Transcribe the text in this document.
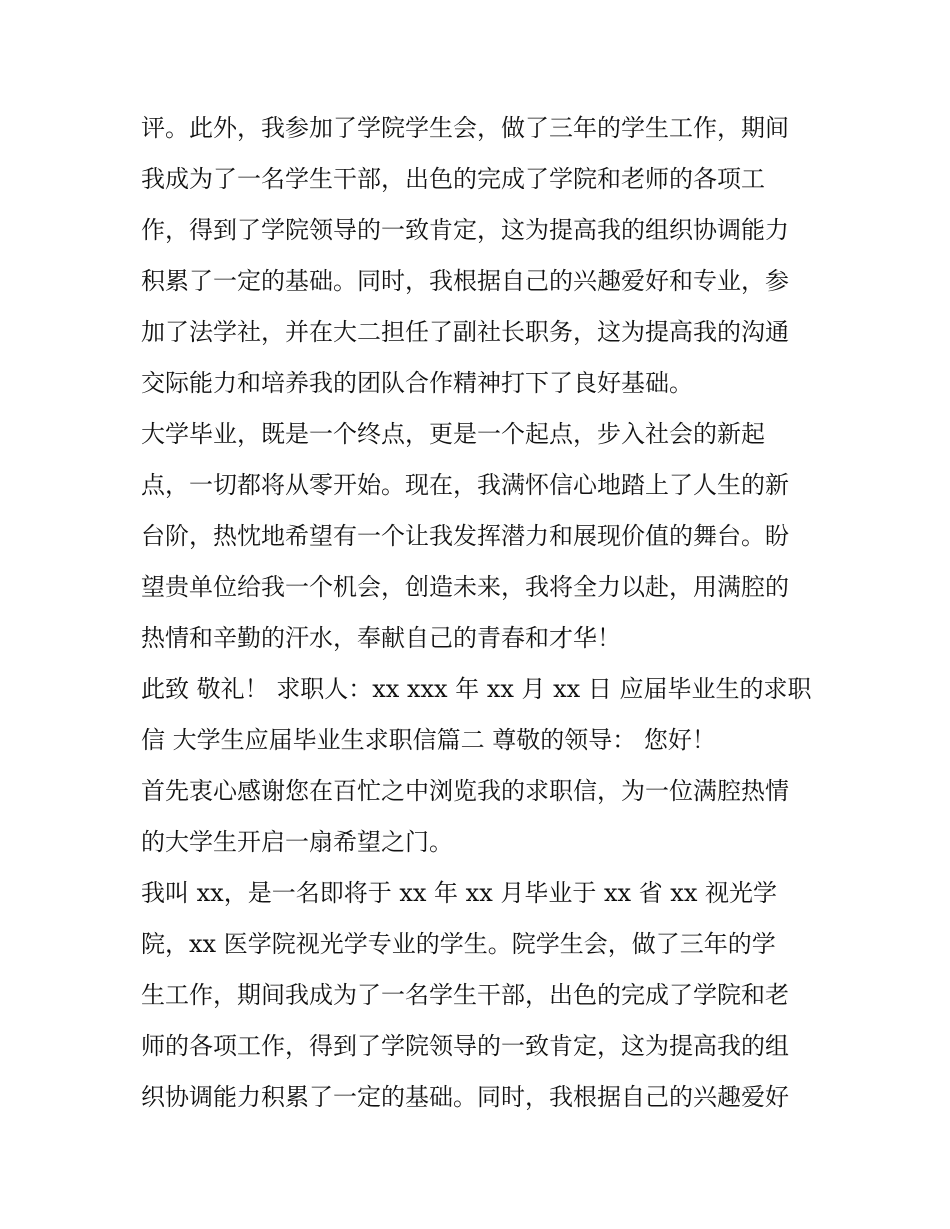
评。此外，我参加了学院学生会，做了三年的学生工作，期间
我成为了一名学生干部，出色的完成了学院和老师的各项工
作，得到了学院领导的一致肯定，这为提高我的组织协调能力
积累了一定的基础。同时，我根据自己的兴趣爱好和专业，参
加了法学社，并在大二担任了副社长职务，这为提高我的沟通
交际能力和培养我的团队合作精神打下了良好基础。
大学毕业，既是一个终点，更是一个起点，步入社会的新起
点，一切都将从零开始。现在，我满怀信心地踏上了人生的新
台阶，热忱地希望有一个让我发挥潜力和展现价值的舞台。盼
望贵单位给我一个机会，创造未来，我将全力以赴，用满腔的
热情和辛勤的汗水，奉献自己的青春和才华！
此致 敬礼！ 求职人：xx xxx 年 xx 月 xx 日 应届毕业生的求职
信 大学生应届毕业生求职信篇二 尊敬的领导： 您好！
首先衷心感谢您在百忙之中浏览我的求职信，为一位满腔热情
的大学生开启一扇希望之门。
我叫 xx，是一名即将于 xx 年 xx 月毕业于 xx 省 xx 视光学
院，xx 医学院视光学专业的学生。院学生会，做了三年的学
生工作，期间我成为了一名学生干部，出色的完成了学院和老
师的各项工作，得到了学院领导的一致肯定，这为提高我的组
织协调能力积累了一定的基础。同时，我根据自己的兴趣爱好
